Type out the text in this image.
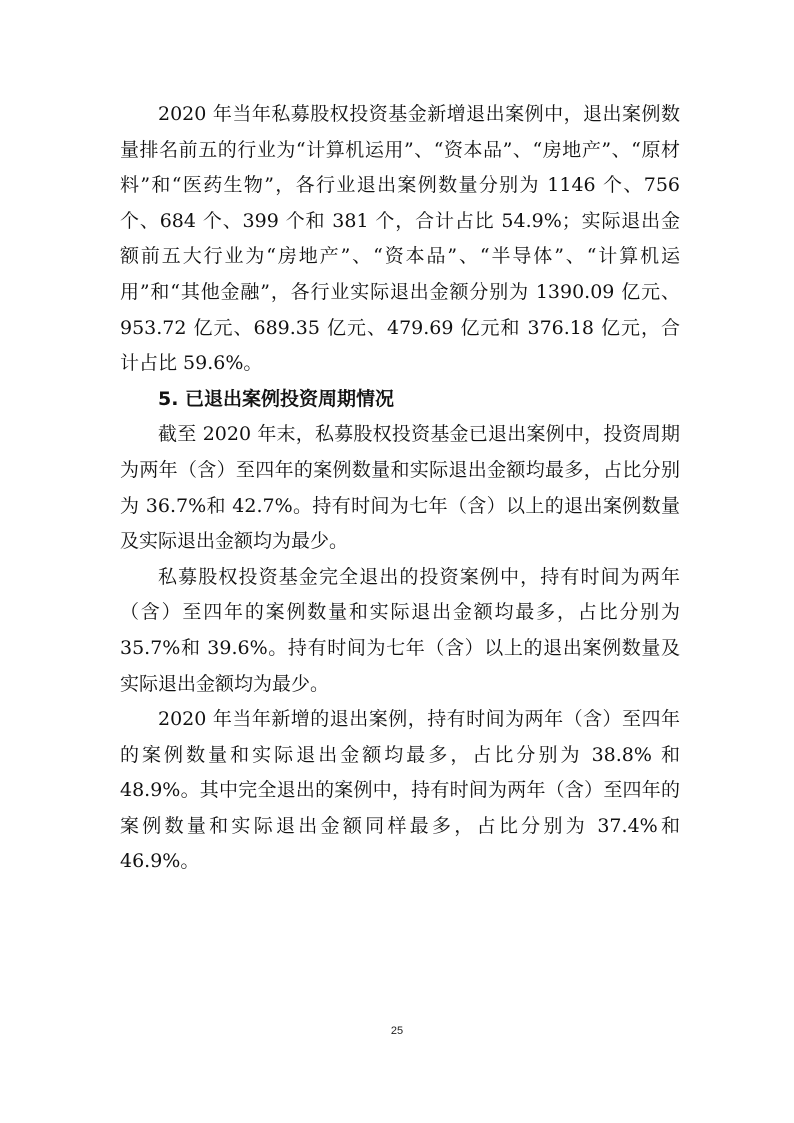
2020 年当年私募股权投资基金新增退出案例中，退出案例数量排名前五的行业为“计算机运用”、“资本品”、“房地产”、“原材料”和“医药生物”，各行业退出案例数量分别为 1146 个、756 个、684 个、399 个和 381 个，合计占比 54.9%；实际退出金额前五大行业为“房地产”、“资本品”、“半导体”、“计算机运用”和“其他金融”，各行业实际退出金额分别为 1390.09 亿元、953.72 亿元、689.35 亿元、479.69 亿元和 376.18 亿元，合计占比 59.6%。

5. 已退出案例投资周期情况

截至 2020 年末，私募股权投资基金已退出案例中，投资周期为两年（含）至四年的案例数量和实际退出金额均最多，占比分别为 36.7%和 42.7%。持有时间为七年（含）以上的退出案例数量及实际退出金额均为最少。

私募股权投资基金完全退出的投资案例中，持有时间为两年（含）至四年的案例数量和实际退出金额均最多，占比分别为 35.7%和 39.6%。持有时间为七年（含）以上的退出案例数量及实际退出金额均为最少。

2020 年当年新增的退出案例，持有时间为两年（含）至四年的案例数量和实际退出金额均最多，占比分别为 38.8% 和 48.9%。其中完全退出的案例中，持有时间为两年（含）至四年的案例数量和实际退出金额同样最多，占比分别为 37.4%和 46.9%。

25
